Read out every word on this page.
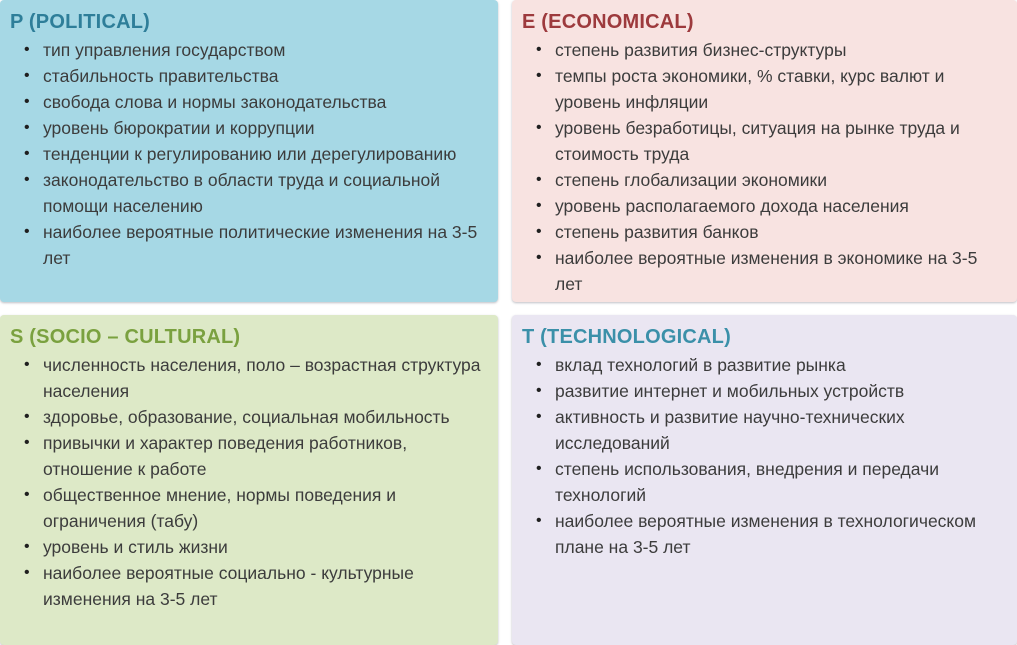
P (POLITICAL)
• тип управления государством
• стабильность правительства
• свобода слова и нормы законодательства
• уровень бюрократии и коррупции
• тенденции к регулированию или дерегулированию
• законодательство в области труда и социальной помощи населению
• наиболее вероятные политические изменения на 3-5 лет
E (ECONOMICAL)
• степень развития бизнес-структуры
• темпы роста экономики, % ставки, курс валют и уровень инфляции
• уровень безработицы, ситуация на рынке труда и стоимость труда
• степень глобализации экономики
• уровень располагаемого дохода населения
• степень развития банков
• наиболее вероятные изменения в экономике на 3-5 лет
S (SOCIO – CULTURAL)
• численность населения, поло – возрастная структура населения
• здоровье, образование, социальная мобильность
• привычки и характер поведения работников, отношение к работе
• общественное мнение, нормы поведения и ограничения (табу)
• уровень и стиль жизни
• наиболее вероятные социально - культурные изменения на 3-5 лет
T (TECHNOLOGICAL)
• вклад технологий в развитие рынка
• развитие интернет и мобильных устройств
• активность и развитие научно-технических исследований
• степень использования, внедрения и передачи технологий
• наиболее вероятные изменения в технологическом плане на 3-5 лет
